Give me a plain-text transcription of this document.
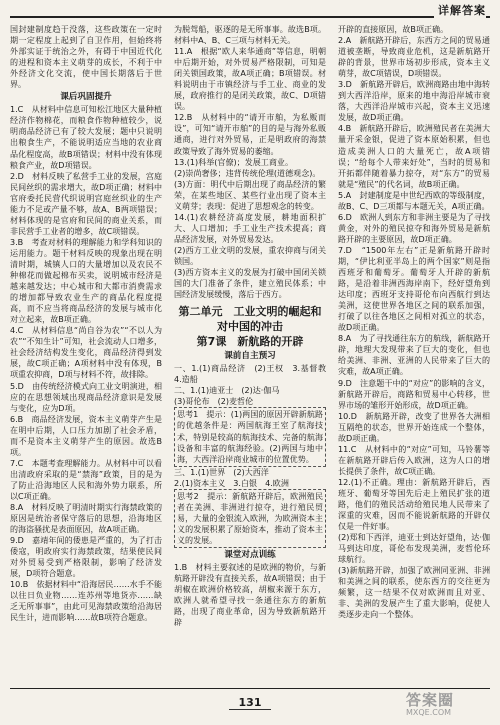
详解答案

国封建制度趋于没落，这些政策在一定时期一定程度上起到了自卫作用，但始终将外部实证于统治之外，有碍于中国近代化的进程和资本主义萌芽的成长，不利于中外经济文化交流，使中国长期落后于世界。

课后巩固提升

1.C　从材料中信息可知松江地区大量种植经济作物棉花，而粮食作物种植较少，说明商品经济已有了较大发展；题中只说明出粮食生产，不能说明适应当地的农业商品化程度高，故B项错误；材料中没有体现粮食产业，故D项错误。

2.D　材料反映了私营手工业的发展，宫庭民间丝织的需求增大，故D项正确；材料中官府委托民营代织说明宫庭丝织业的生产能力不足或产量不够，故A、B两项错误；材料体现的是官府和民间的商业关系，而非民营手工业者的增多，故C项错误。

3.B　考查对材料的理解能力和学科知识的运用能力。题干材料反映的现象出现在明清时期，城镇人口的大量增加以及农民不种棉花而做起棉布买卖，说明城市经济是越来越发达；中心城市和大都市消费需求的增加都导致农业生产的商品化程度提高，而不应当将商品经济的发展与城市化对立起来，故B项正确。

4.C　从材料信息“尚自谷为农”“不以人为农”“不知生计”可知，社会流动人口增多，社会经济结构发生变化，商品经济得到发展，故C项正确；A项材料中没有体现，B项重农抑商，D项与材料不符，故排除。

5.D　由传统经济模式向工业文明演进，相应的在思想领域出现商品经济意识是发展与变化，应为D项。

6.B　商品经济发展，资本主义萌芽产生是在明中后期，人口压力加剧了社会矛盾，而不是资本主义萌芽产生的原因。故选B项。

7.C　本题考查理解能力。从材料中可以看出清政府采取的是“禁海”政策，目的是为了防止沿海地区人民和海外势力联系，所以C项正确。

8.A　材料反映了明清时期实行海禁政策的原因是统治者保守落后的思想，沿海地区的海盗骚扰是表面原因，故A项正确。

9.D　嘉靖年间的倭患是严重的，为了打击倭寇，明政府实行海禁政策，结果使民间对外贸易受到严格限制，影响了经济发展，D项符合题意。

10.B　依据材料中“沿海居民……水手不能以往日负业物……连苏州等地货亦……缺乏无所事事”，由此可见海禁政策给沿海居民生计，进而影响……故B项符合题意。

为脱驾船，驱逐的是无所事事。故选B项。材料中A、B、C三项与材料无关。

11.A　根据“欧人来华通商”等信息，明朝中后期开始，对外贸易严格限制，可知是闭关锁国政策，故A项正确；B项错误。材料说明由于市镇经济与手工业、商业的发展，政府推行的是闭关政策，故C、D项错误。

12.B　从材料中的“请开市舶，为私贩而设”，可知“请开市舶”的目的是与海外私贩通商，进行对外贸易，正是明政府的海禁政策导致了海外贸易的萎缩。

13.(1)科举(官僚)；发展工商业。

(2)崇尚奢侈；违背传统伦理(道德观念)。

(3)方面：明代中后期出现了商品经济的繁荣，在某些地区、某些行业出现了资本主义萌芽；表现：促进了思想观念的转变。

14.(1)农耕经济高度发展，耕地面积扩大、人口增加；手工业生产技术提高；商品经济发展，对外贸易发达。

(2)西方工业文明的发展，重农抑商与闭关锁国。

(3)西方资本主义的发展为打破中国闭关锁国的大门准备了条件，建立殖民体系；中国经济发展缓慢，落后于西方。

第二单元　工业文明的崛起和对中国的冲击
第7课　新航路的开辟
课前自主预习

一、1.(1)商品经济　(2)王权　3.基督教　4.造船

二、1.(1)迪亚士　(2)达·伽马

(3)哥伦布　(2)麦哲伦

思考1　提示：(1)两国的原因开辟新航路的优越条件是：两国航海王室了航海技术，特别是较高的航海技术、完备的航海设备和丰富的航海经验。(2)两国与地中海，大西洋沿岸商业城市的位置优势。

三、1.(1)世界　(2)大西洋

2.(1)资本主义　3.白银　4.欧洲

思考2　提示：新航路开辟后，欧洲殖民者在美洲、非洲进行掠夺，进行殖民贸易，大量的金银流入欧洲，为欧洲资本主义的发展积累了原始资本，推动了资本主义的发展。

课堂对点训练

1.B　材料主要叙述的是欧洲的物价，与新航路开辟没有直接关系，故A项错误；由于胡椒在欧洲价格较高，胡椒来源于东方，欧洲人就希望寻找一条通往东方的新航路，出现了商业革命，因为导致新航路开辟

开辟的直接原因，故B项正确。

2.A　新航路开辟后，东西方之间的贸易通道被垄断，导致商业危机，这是新航路开辟的背景，世界市场初步形成，资本主义萌芽，故C项错误，D项错误。

3.D　新航路开辟后，欧洲商路由地中海转到大西洋沿岸，原来的地中海沿岸城市衰落，大西洋沿岸城市兴起，资本主义迅速发展，故D项正确。

4.B　新航路开辟后，欧洲殖民者在美洲大量开采金银，促进了资本原始积累，但也造成美洲人口的大量死亡，故A项错误；“给每个人带来好处”，当时的贸易和开拓都伴随着暴力掠夺，对“东方”的贸易就是“殖民”的代名词，故B项正确。

5.A　封建制度是中世纪西欧的等级制度，故B、C、D三项都与本题无关，A项正确。

6.D　欧洲人到东方和非洲主要是为了寻找黄金，对外的殖民掠夺和海外贸易是新航路开辟的主要原因，故D项正确。

7.D　“1500年左右”正是新航路开辟时期，“伊比利亚半岛上的两个国家”则是指西班牙和葡萄牙。葡萄牙人开辟的新航路，是沿着非洲西海岸南下，经好望角到达印度；西班牙支持哥伦布向西航行到达美洲，这使世界各地区之间的联系加强，打破了以往各地区之间相对孤立的状态，故D项正确。

8.A　为了寻找通往东方的航线，新航路开辟，地理大发现带来了巨大的变化，但也给美洲、非洲、亚洲的人民带来了巨大的灾难，故A项正确。

9.D　注意题干中的“对应”的影响的含义，新航路开辟后，商路和贸易中心转移，世界市场的雏形开始形成，故D项正确。

10.D　新航路开辟，改变了世界各大洲相互隔绝的状态，世界开始连成一个整体，故D项正确。

11.C　从材料中的“对应”可知，马铃薯等在新航路开辟后传入欧洲，这为人口的增长提供了条件，故C项正确。

12.(1)不正确。理由：新航路开辟后，西班牙、葡萄牙等国先后走上殖民扩张的道路，他们的殖民活动给殖民地人民带来了深重的灾难，因而不能说新航路的开辟仅仅是一件好事。

(2)郑和下西洋，迪亚士到达好望角，达·伽马到达印度，哥伦布发现美洲，麦哲伦环球航行。

(3)新航路开辟，加强了欧洲同亚洲、非洲和美洲之间的联系，使东西方的交往更为频繁，这一结果不仅对欧洲而且对亚、非、美洲的发展产生了重大影响，促使人类逐步走向一个整体。

131	答案圈
MXQE.COM
